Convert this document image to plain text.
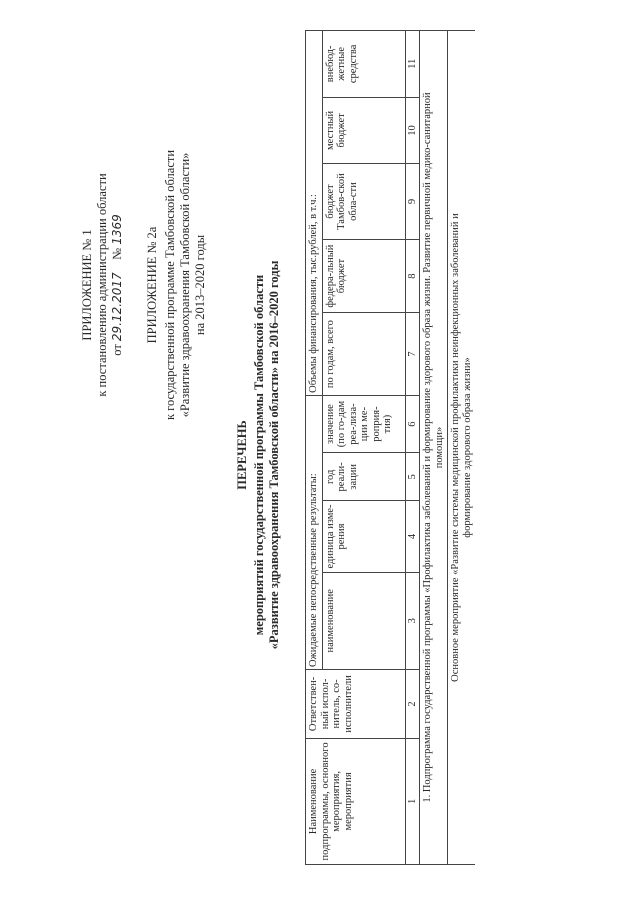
ПРИЛОЖЕНИЕ № 1 к постановлению администрации области от 29.12.2017    № 1369 ПРИЛОЖЕНИЕ № 2а к государственной программе Тамбовской области «Развитие здравоохранения Тамбовской области» на 2013–2020 годы
ПЕРЕЧЕНЬ мероприятий государственной программы Тамбовской области «Развитие здравоохранения Тамбовской области» на 2016–2020 годы
Наименование подпрограммы, основного мероприятия, мероприятия	Ответствен-ный испол-нитель, со-исполнители	Ожидаемые непосредственные результаты:				Объемы финансирования, тыс.рублей, в т.ч.:				
		наименование	единица изме-рения	год реали-зации	значение (по го-дам реа-лиза-ции ме-роприя-тия)	по годам, всего	федера-льный бюджет	бюджет Тамбов-ской обла-сти	местный бюджет	внебюд-жетные средства
1	2	3	4	5	6	7	8	9	10	11
1. Подпрограмма государственной программы «Профилактика заболеваний и формирование здорового образа жизни. Развитие первичной медико-санитарной помощи»										
Основное мероприятие «Развитие системы медицинской профилактики неинфекционных заболеваний и формирование здорового образа жизни»										
